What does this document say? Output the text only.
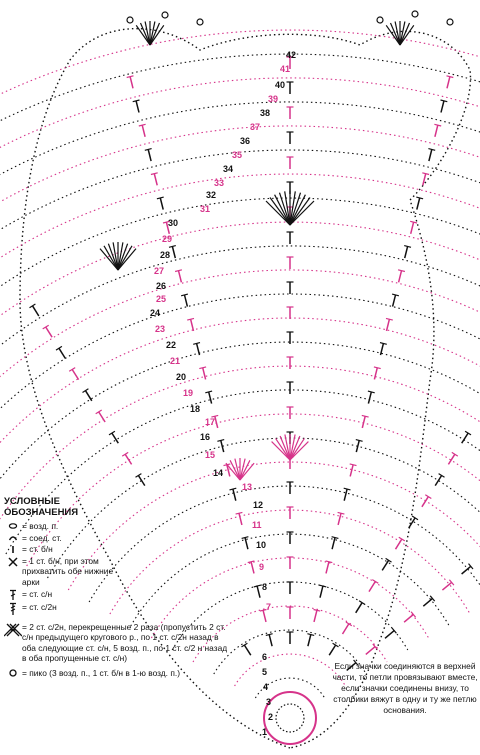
1
2
3
4
5
6
7
8
9
10
11
12
13
14
15
16
17
18
19
20
21
22
23
24
25
26
27
28
29
30
31
32
33
34
35
36
37
38
39
40
41
42
УСЛОВНЫЕ
ОБОЗНАЧЕНИЯ
= возд. п.
= соед. ст.
= ст. б/н
= 1 ст. б/н, при этом прихватить обе нижние арки
= ст. с/н
= ст. с/2н
= 2 ст. с/2н, перекрещенные 2 раза (пропустить 2 ст. с/н предыдущего кругового р., по 1 ст. с/2н назад в оба следующие ст. с/н, 5 возд. п., по 1 ст. с/2 н назад в оба пропущенные ст. с/н)
= пико (3 возд. п., 1 ст. б/н в 1-ю возд. п.)
Если значки соединяются в верхней части, то петли провязывают вместе, если значки соединены внизу, то столбики вяжут в одну и ту же петлю основания.
